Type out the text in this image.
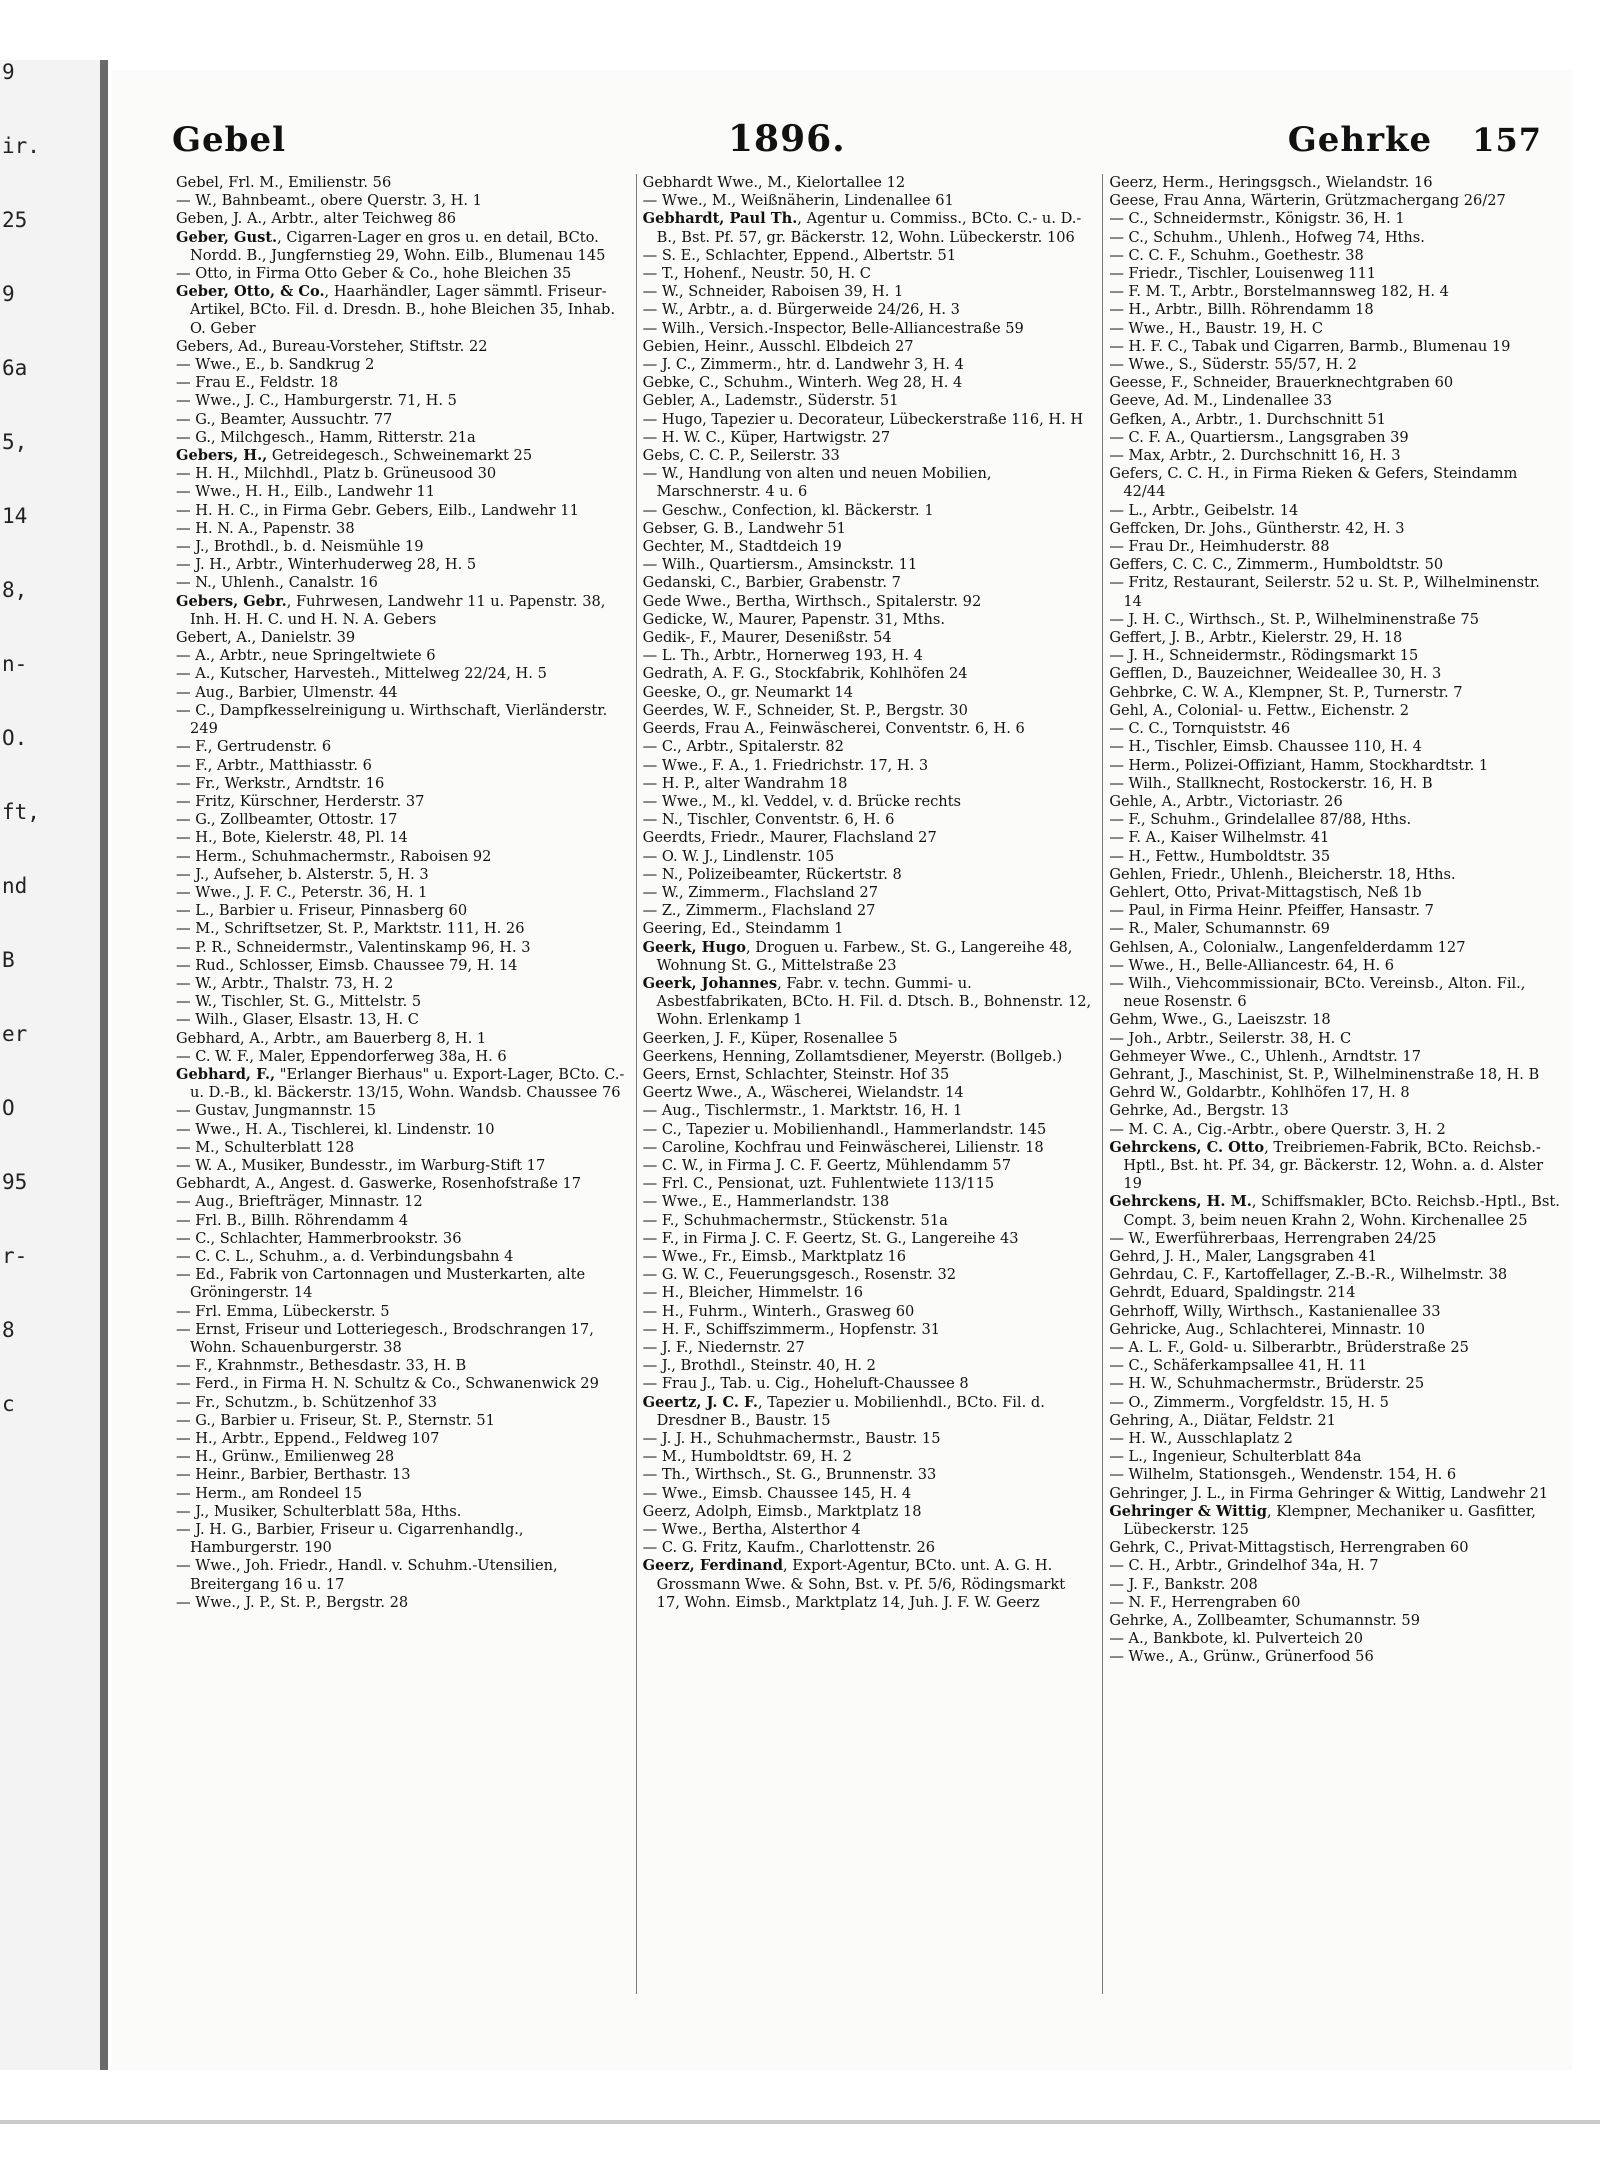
9
ir.
25
9
6a
5,
14
8,
n-
O.
ft,
nd
B
er
O
95
r-
8
c
Gebel	1896.	Gehrke 157

Gebel, Frl. M., Emilienstr. 56

— W., Bahnbeamt., obere Querstr. 3, H. 1

Geben, J. A., Arbtr., alter Teichweg 86

Geber, Gust., Cigarren-Lager en gros u. en detail, BCto. Nordd. B., Jungfernstieg 29, Wohn. Eilb., Blumenau 145

— Otto, in Firma Otto Geber & Co., hohe Bleichen 35

Geber, Otto, & Co., Haarhändler, Lager sämmtl. Friseur-Artikel, BCto. Fil. d. Dresdn. B., hohe Bleichen 35, Inhab. O. Geber

Gebers, Ad., Bureau-Vorsteher, Stiftstr. 22

— Wwe., E., b. Sandkrug 2

— Frau E., Feldstr. 18

— Wwe., J. C., Hamburgerstr. 71, H. 5

— G., Beamter, Aussuchtr. 77

— G., Milchgesch., Hamm, Ritterstr. 21a

Gebers, H., Getreidegesch., Schweinemarkt 25

— H. H., Milchhdl., Platz b. Grüneusood 30

— Wwe., H. H., Eilb., Landwehr 11

— H. H. C., in Firma Gebr. Gebers, Eilb., Landwehr 11

— H. N. A., Papenstr. 38

— J., Brothdl., b. d. Neismühle 19

— J. H., Arbtr., Winterhuderweg 28, H. 5

— N., Uhlenh., Canalstr. 16

Gebers, Gebr., Fuhrwesen, Landwehr 11 u. Papenstr. 38, Inh. H. H. C. und H. N. A. Gebers

Gebert, A., Danielstr. 39

— A., Arbtr., neue Springeltwiete 6

— A., Kutscher, Harvesteh., Mittelweg 22/24, H. 5

— Aug., Barbier, Ulmenstr. 44

— C., Dampfkesselreinigung u. Wirthschaft, Vierländerstr. 249

— F., Gertrudenstr. 6

— F., Arbtr., Matthiasstr. 6

— Fr., Werkstr., Arndtstr. 16

— Fritz, Kürschner, Herderstr. 37

— G., Zollbeamter, Ottostr. 17

— H., Bote, Kielerstr. 48, Pl. 14

— Herm., Schuhmachermstr., Raboisen 92

— J., Aufseher, b. Alsterstr. 5, H. 3

— Wwe., J. F. C., Peterstr. 36, H. 1

— L., Barbier u. Friseur, Pinnasberg 60

— M., Schriftsetzer, St. P., Marktstr. 111, H. 26

— P. R., Schneidermstr., Valentinskamp 96, H. 3

— Rud., Schlosser, Eimsb. Chaussee 79, H. 14

— W., Arbtr., Thalstr. 73, H. 2

— W., Tischler, St. G., Mittelstr. 5

— Wilh., Glaser, Elsastr. 13, H. C

Gebhard, A., Arbtr., am Bauerberg 8, H. 1

— C. W. F., Maler, Eppendorferweg 38a, H. 6

Gebhard, F., "Erlanger Bierhaus" u. Export-Lager, BCto. C.- u. D.-B., kl. Bäckerstr. 13/15, Wohn. Wandsb. Chaussee 76

— Gustav, Jungmannstr. 15

— Wwe., H. A., Tischlerei, kl. Lindenstr. 10

— M., Schulterblatt 128

— W. A., Musiker, Bundesstr., im Warburg-Stift 17

Gebhardt, A., Angest. d. Gaswerke, Rosenhofstraße 17

— Aug., Briefträger, Minnastr. 12

— Frl. B., Billh. Röhrendamm 4

— C., Schlachter, Hammerbrookstr. 36

— C. C. L., Schuhm., a. d. Verbindungsbahn 4

— Ed., Fabrik von Cartonnagen und Musterkarten, alte Gröningerstr. 14

— Frl. Emma, Lübeckerstr. 5

— Ernst, Friseur und Lotteriegesch., Brodschrangen 17, Wohn. Schauenburgerstr. 38

— F., Krahnmstr., Bethesdastr. 33, H. B

— Ferd., in Firma H. N. Schultz & Co., Schwanenwick 29

— Fr., Schutzm., b. Schützenhof 33

— G., Barbier u. Friseur, St. P., Sternstr. 51

— H., Arbtr., Eppend., Feldweg 107

— H., Grünw., Emilienweg 28

— Heinr., Barbier, Berthastr. 13

— Herm., am Rondeel 15

— J., Musiker, Schulterblatt 58a, Hths.

— J. H. G., Barbier, Friseur u. Cigarrenhandlg., Hamburgerstr. 190

— Wwe., Joh. Friedr., Handl. v. Schuhm.-Utensilien, Breitergang 16 u. 17

— Wwe., J. P., St. P., Bergstr. 28

Gebhardt Wwe., M., Kielortallee 12

— Wwe., M., Weißnäherin, Lindenallee 61

Gebhardt, Paul Th., Agentur u. Commiss., BCto. C.- u. D.-B., Bst. Pf. 57, gr. Bäckerstr. 12, Wohn. Lübeckerstr. 106

— S. E., Schlachter, Eppend., Albertstr. 51

— T., Hohenf., Neustr. 50, H. C

— W., Schneider, Raboisen 39, H. 1

— W., Arbtr., a. d. Bürgerweide 24/26, H. 3

— Wilh., Versich.-Inspector, Belle-Alliancestraße 59

Gebien, Heinr., Ausschl. Elbdeich 27

— J. C., Zimmerm., htr. d. Landwehr 3, H. 4

Gebke, C., Schuhm., Winterh. Weg 28, H. 4

Gebler, A., Lademstr., Süderstr. 51

— Hugo, Tapezier u. Decorateur, Lübeckerstraße 116, H. H

— H. W. C., Küper, Hartwigstr. 27

Gebs, C. C. P., Seilerstr. 33

— W., Handlung von alten und neuen Mobilien, Marschnerstr. 4 u. 6

— Geschw., Confection, kl. Bäckerstr. 1

Gebser, G. B., Landwehr 51

Gechter, M., Stadtdeich 19

— Wilh., Quartiersm., Amsinckstr. 11

Gedanski, C., Barbier, Grabenstr. 7

Gede Wwe., Bertha, Wirthsch., Spitalerstr. 92

Gedicke, W., Maurer, Papenstr. 31, Mths.

Gedik-, F., Maurer, Desenißstr. 54

— L. Th., Arbtr., Hornerweg 193, H. 4

Gedrath, A. F. G., Stockfabrik, Kohlhöfen 24

Geeske, O., gr. Neumarkt 14

Geerdes, W. F., Schneider, St. P., Bergstr. 30

Geerds, Frau A., Feinwäscherei, Conventstr. 6, H. 6

— C., Arbtr., Spitalerstr. 82

— Wwe., F. A., 1. Friedrichstr. 17, H. 3

— H. P., alter Wandrahm 18

— Wwe., M., kl. Veddel, v. d. Brücke rechts

— N., Tischler, Conventstr. 6, H. 6

Geerdts, Friedr., Maurer, Flachsland 27

— O. W. J., Lindlenstr. 105

— N., Polizeibeamter, Rückertstr. 8

— W., Zimmerm., Flachsland 27

— Z., Zimmerm., Flachsland 27

Geering, Ed., Steindamm 1

Geerk, Hugo, Droguen u. Farbew., St. G., Langereihe 48, Wohnung St. G., Mittelstraße 23

Geerk, Johannes, Fabr. v. techn. Gummi- u. Asbestfabrikaten, BCto. H. Fil. d. Dtsch. B., Bohnenstr. 12, Wohn. Erlenkamp 1

Geerken, J. F., Küper, Rosenallee 5

Geerkens, Henning, Zollamtsdiener, Meyerstr. (Bollgeb.)

Geers, Ernst, Schlachter, Steinstr. Hof 35

Geertz Wwe., A., Wäscherei, Wielandstr. 14

— Aug., Tischlermstr., 1. Marktstr. 16, H. 1

— C., Tapezier u. Mobilienhandl., Hammerlandstr. 145

— Caroline, Kochfrau und Feinwäscherei, Lilienstr. 18

— C. W., in Firma J. C. F. Geertz, Mühlendamm 57

— Frl. C., Pensionat, uzt. Fuhlentwiete 113/115

— Wwe., E., Hammerlandstr. 138

— F., Schuhmachermstr., Stückenstr. 51a

— F., in Firma J. C. F. Geertz, St. G., Langereihe 43

— Wwe., Fr., Eimsb., Marktplatz 16

— G. W. C., Feuerungsgesch., Rosenstr. 32

— H., Bleicher, Himmelstr. 16

— H., Fuhrm., Winterh., Grasweg 60

— H. F., Schiffszimmerm., Hopfenstr. 31

— J. F., Niedernstr. 27

— J., Brothdl., Steinstr. 40, H. 2

— Frau J., Tab. u. Cig., Hoheluft-Chaussee 8

Geertz, J. C. F., Tapezier u. Mobilienhdl., BCto. Fil. d. Dresdner B., Baustr. 15

— J. J. H., Schuhmachermstr., Baustr. 15

— M., Humboldtstr. 69, H. 2

— Th., Wirthsch., St. G., Brunnenstr. 33

— Wwe., Eimsb. Chaussee 145, H. 4

Geerz, Adolph, Eimsb., Marktplatz 18

— Wwe., Bertha, Alsterthor 4

— C. G. Fritz, Kaufm., Charlottenstr. 26

Geerz, Ferdinand, Export-Agentur, BCto. unt. A. G. H. Grossmann Wwe. & Sohn, Bst. v. Pf. 5/6, Rödingsmarkt 17, Wohn. Eimsb., Marktplatz 14, Juh. J. F. W. Geerz

Geerz, Herm., Heringsgsch., Wielandstr. 16

Geese, Frau Anna, Wärterin, Grützmachergang 26/27

— C., Schneidermstr., Königstr. 36, H. 1

— C., Schuhm., Uhlenh., Hofweg 74, Hths.

— C. C. F., Schuhm., Goethestr. 38

— Friedr., Tischler, Louisenweg 111

— F. M. T., Arbtr., Borstelmannsweg 182, H. 4

— H., Arbtr., Billh. Röhrendamm 18

— Wwe., H., Baustr. 19, H. C

— H. F. C., Tabak und Cigarren, Barmb., Blumenau 19

— Wwe., S., Süderstr. 55/57, H. 2

Geesse, F., Schneider, Brauerknechtgraben 60

Geeve, Ad. M., Lindenallee 33

Gefken, A., Arbtr., 1. Durchschnitt 51

— C. F. A., Quartiersm., Langsgraben 39

— Max, Arbtr., 2. Durchschnitt 16, H. 3

Gefers, C. C. H., in Firma Rieken & Gefers, Steindamm 42/44

— L., Arbtr., Geibelstr. 14

Geffcken, Dr. Johs., Güntherstr. 42, H. 3

— Frau Dr., Heimhuderstr. 88

Geffers, C. C. C., Zimmerm., Humboldtstr. 50

— Fritz, Restaurant, Seilerstr. 52 u. St. P., Wilhelminenstr. 14

— J. H. C., Wirthsch., St. P., Wilhelminenstraße 75

Geffert, J. B., Arbtr., Kielerstr. 29, H. 18

— J. H., Schneidermstr., Rödingsmarkt 15

Gefflen, D., Bauzeichner, Weideallee 30, H. 3

Gehbrke, C. W. A., Klempner, St. P., Turnerstr. 7

Gehl, A., Colonial- u. Fettw., Eichenstr. 2

— C. C., Tornquiststr. 46

— H., Tischler, Eimsb. Chaussee 110, H. 4

— Herm., Polizei-Offiziant, Hamm, Stockhardtstr. 1

— Wilh., Stallknecht, Rostockerstr. 16, H. B

Gehle, A., Arbtr., Victoriastr. 26

— F., Schuhm., Grindelallee 87/88, Hths.

— F. A., Kaiser Wilhelmstr. 41

— H., Fettw., Humboldtstr. 35

Gehlen, Friedr., Uhlenh., Bleicherstr. 18, Hths.

Gehlert, Otto, Privat-Mittagstisch, Neß 1b

— Paul, in Firma Heinr. Pfeiffer, Hansastr. 7

— R., Maler, Schumannstr. 69

Gehlsen, A., Colonialw., Langenfelderdamm 127

— Wwe., H., Belle-Alliancestr. 64, H. 6

— Wilh., Viehcommissionair, BCto. Vereinsb., Alton. Fil., neue Rosenstr. 6

Gehm, Wwe., G., Laeiszstr. 18

— Joh., Arbtr., Seilerstr. 38, H. C

Gehmeyer Wwe., C., Uhlenh., Arndtstr. 17

Gehrant, J., Maschinist, St. P., Wilhelminenstraße 18, H. B

Gehrd W., Goldarbtr., Kohlhöfen 17, H. 8

Gehrke, Ad., Bergstr. 13

— M. C. A., Cig.-Arbtr., obere Querstr. 3, H. 2

Gehrckens, C. Otto, Treibriemen-Fabrik, BCto. Reichsb.-Hptl., Bst. ht. Pf. 34, gr. Bäckerstr. 12, Wohn. a. d. Alster 19

Gehrckens, H. M., Schiffsmakler, BCto. Reichsb.-Hptl., Bst. Compt. 3, beim neuen Krahn 2, Wohn. Kirchenallee 25

— W., Ewerführerbaas, Herrengraben 24/25

Gehrd, J. H., Maler, Langsgraben 41

Gehrdau, C. F., Kartoffellager, Z.-B.-R., Wilhelmstr. 38

Gehrdt, Eduard, Spaldingstr. 214

Gehrhoff, Willy, Wirthsch., Kastanienallee 33

Gehricke, Aug., Schlachterei, Minnastr. 10

— A. L. F., Gold- u. Silberarbtr., Brüderstraße 25

— C., Schäferkampsallee 41, H. 11

— H. W., Schuhmachermstr., Brüderstr. 25

— O., Zimmerm., Vorgfeldstr. 15, H. 5

Gehring, A., Diätar, Feldstr. 21

— H. W., Ausschlaplatz 2

— L., Ingenieur, Schulterblatt 84a

— Wilhelm, Stationsgeh., Wendenstr. 154, H. 6

Gehringer, J. L., in Firma Gehringer & Wittig, Landwehr 21

Gehringer & Wittig, Klempner, Mechaniker u. Gasfitter, Lübeckerstr. 125

Gehrk, C., Privat-Mittagstisch, Herrengraben 60

— C. H., Arbtr., Grindelhof 34a, H. 7

— J. F., Bankstr. 208

— N. F., Herrengraben 60

Gehrke, A., Zollbeamter, Schumannstr. 59

— A., Bankbote, kl. Pulverteich 20

— Wwe., A., Grünw., Grünerfood 56
